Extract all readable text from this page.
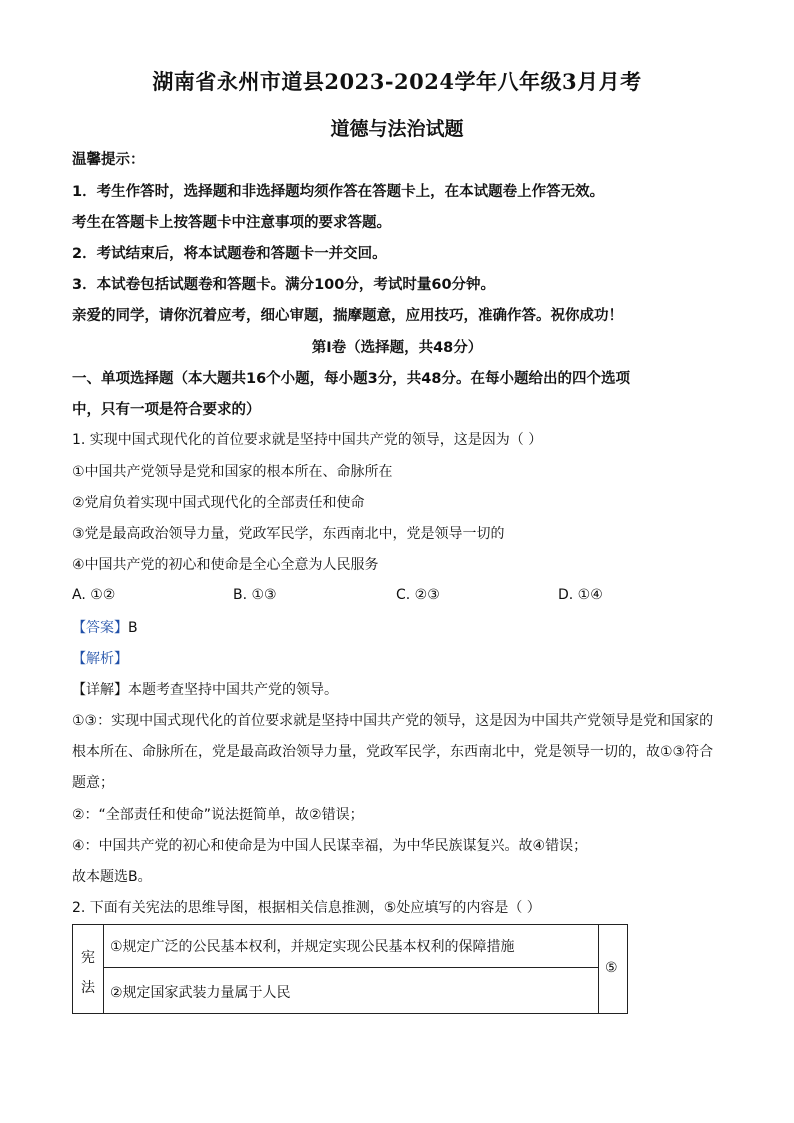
湖南省永州市道县2023-2024学年八年级3月月考
道德与法治试题
温馨提示：
1．考生作答时，选择题和非选择题均须作答在答题卡上，在本试题卷上作答无效。
考生在答题卡上按答题卡中注意事项的要求答题。
2．考试结束后，将本试题卷和答题卡一并交回。
3．本试卷包括试题卷和答题卡。满分100分，考试时量60分钟。
亲爱的同学，请你沉着应考，细心审题，揣摩题意，应用技巧，准确作答。祝你成功！
第Ⅰ卷（选择题，共48分）
一、单项选择题（本大题共16个小题，每小题3分，共48分。在每小题给出的四个选项
中，只有一项是符合要求的）
1. 实现中国式现代化的首位要求就是坚持中国共产党的领导，这是因为（ ）
①中国共产党领导是党和国家的根本所在、命脉所在
②党肩负着实现中国式现代化的全部责任和使命
③党是最高政治领导力量，党政军民学，东西南北中，党是领导一切的
④中国共产党的初心和使命是全心全意为人民服务
A. ①②	B. ①③	C. ②③	D. ①④
【答案】B
【解析】
【详解】本题考查坚持中国共产党的领导。
①③：实现中国式现代化的首位要求就是坚持中国共产党的领导，这是因为中国共产党领导是党和国家的
根本所在、命脉所在，党是最高政治领导力量，党政军民学，东西南北中，党是领导一切的，故①③符合
题意；
②：“全部责任和使命”说法挺简单，故②错误；
④：中国共产党的初心和使命是为中国人民谋幸福，为中华民族谋复兴。故④错误；
故本题选B。
2. 下面有关宪法的思维导图，根据相关信息推测，⑤处应填写的内容是（ ）
宪
法
①规定广泛的公民基本权利，并规定实现公民基本权利的保障措施
②规定国家武装力量属于人民
⑤
